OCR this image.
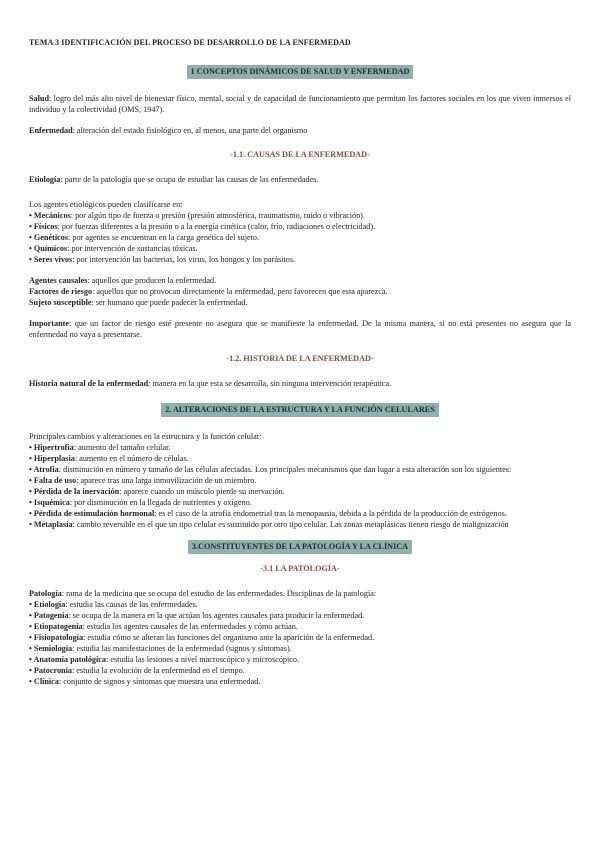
TEMA 3 IDENTIFICACIÓN DEL PROCESO DE DESARROLLO DE LA ENFERMEDAD
1 CONCEPTOS DINÁMICOS DE SALUD Y ENFERMEDAD

Salud: logro del más alto nivel de bienestar físico, mental, social y de capacidad de funcionamiento que permitan los factores sociales en los que viven inmersos el individuo y la colectividad (OMS, 1947).

Enfermedad: alteración del estado fisiológico en, al menos, una parte del organismo

-1.1. CAUSAS DE LA ENFERMEDAD-

Etiología: parte de la patología que se ocupa de estudiar las causas de las enfermedades.

Los agentes etiológicos pueden clasificarse en:

• Mecánicos: por algún tipo de fuerza o presión (presión atmosférica, traumatismo, ruido o vibración).

• Físicos: por fuerzas diferentes a la presión o a la energía cinética (calor, frío, radiaciones o electricidad).

• Genéticos: por agentes se encuentran en la carga genética del sujeto.

• Químicos: por intervención de sustancias tóxicas.

• Seres vivos: por intervención las bacterias, los virus, los hongos y los parásitos.

Agentes causales: aquellos que producen la enfermedad.

Factores de riesgo: aquellos que no provocan directamente la enfermedad, pero favorecen que esta aparezca.

Sujeto susceptible: ser humano que puede padecer la enfermedad.

Importante: que un factor de riesgo esté presente no asegura que se manifieste la enfermedad. De la misma manera, si no está presentes no asegura que la enfermedad no vaya a presentarse.

-1.2. HISTORIA DE LA ENFERMEDAD-

Historia natural de la enfermedad: manera en la que esta se desarrolla, sin ninguna intervención terapéutica.

2. ALTERACIONES DE LA ESTRUCTURA Y LA FUNCIÓN CELULARES

Principales cambios y alteraciones en la estructura y la función celular:

• Hipertrofia: aumento del tamaño celular.

• Hiperplasia: aumento en el número de células.

• Atrofia: disminución en número y tamaño de las células afectadas. Los principales mecanismos que dan lugar a esta alteración son los siguientes:

• Falta de uso: aparece tras una larga inmovilización de un miembro.

• Pérdida de la inervación: aparece cuando un músculo pierde su inervación.

• Isquémica: por disminución en la llegada de nutrientes y oxígeno.

• Pérdida de estimulación hormonal: es el caso de la atrofia endometrial tras la menopausia, debida a la pérdida de la producción de estrógenos.

• Metaplasia: cambio reversible en el que un tipo celular es sustituido por otro tipo celular. Las zonas metaplásicas tienen riesgo de malignización

3.CONSTITUYENTES DE LA PATOLOGÍA Y LA CLÍNICA
-3.1 LA PATOLOGÍA-

Patología: rama de la medicina que se ocupa del estudio de las enfermedades. Disciplinas de la patología:

• Etiología: estudia las causas de las enfermedades.

• Patogenia: se ocupa de la manera en la que actúan los agentes causales para producir la enfermedad.

• Etiopatogenia: estudia los agentes causales de las enfermedades y cómo actúan.

• Fisiopatología: estudia cómo se alteran las funciones del organismo ante la aparición de la enfermedad.

• Semiología: estudia las manifestaciones de la enfermedad (signos y síntomas).

• Anatomía patológica: estudia las lesiones a nivel macroscópico y microscópico.

• Patocronia: estudia la evolución de la enfermedad en el tiempo.

• Clínica: conjunto de signos y síntomas que muestra una enfermedad.
